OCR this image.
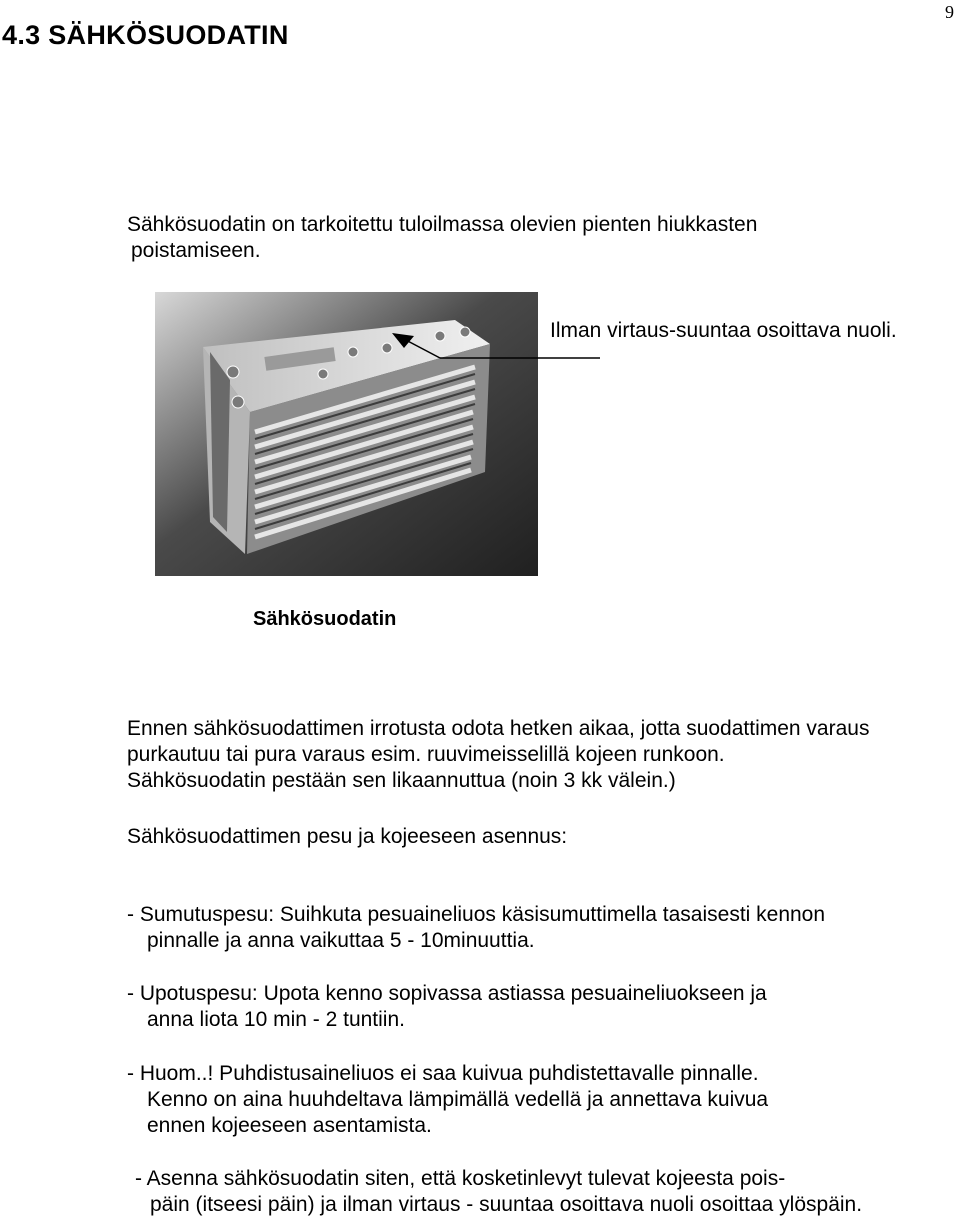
9
4.3 SÄHKÖSUODATIN
Sähkösuodatin on tarkoitettu tuloilmassa olevien pienten hiukkasten
poistamiseen.
Ilman virtaus-suuntaa osoittava nuoli.
Sähkösuodatin
Ennen sähkösuodattimen irrotusta odota hetken aikaa, jotta suodattimen varaus
purkautuu tai pura varaus esim. ruuvimeisselillä kojeen runkoon.
Sähkösuodatin pestään sen likaannuttua (noin 3 kk välein.)
Sähkösuodattimen pesu ja kojeeseen asennus:
- Sumutuspesu: Suihkuta pesuaineliuos käsisumuttimella tasaisesti kennon
pinnalle ja anna vaikuttaa 5 - 10minuuttia.
- Upotuspesu: Upota kenno sopivassa astiassa pesuaineliuokseen ja
anna liota 10 min - 2 tuntiin.
- Huom..! Puhdistusaineliuos ei saa kuivua puhdistettavalle pinnalle.
Kenno on aina huuhdeltava lämpimällä vedellä ja annettava kuivua
ennen kojeeseen asentamista.
- Asenna sähkösuodatin siten, että kosketinlevyt tulevat kojeesta pois-
päin (itseesi päin) ja ilman virtaus - suuntaa osoittava nuoli osoittaa ylöspäin.
